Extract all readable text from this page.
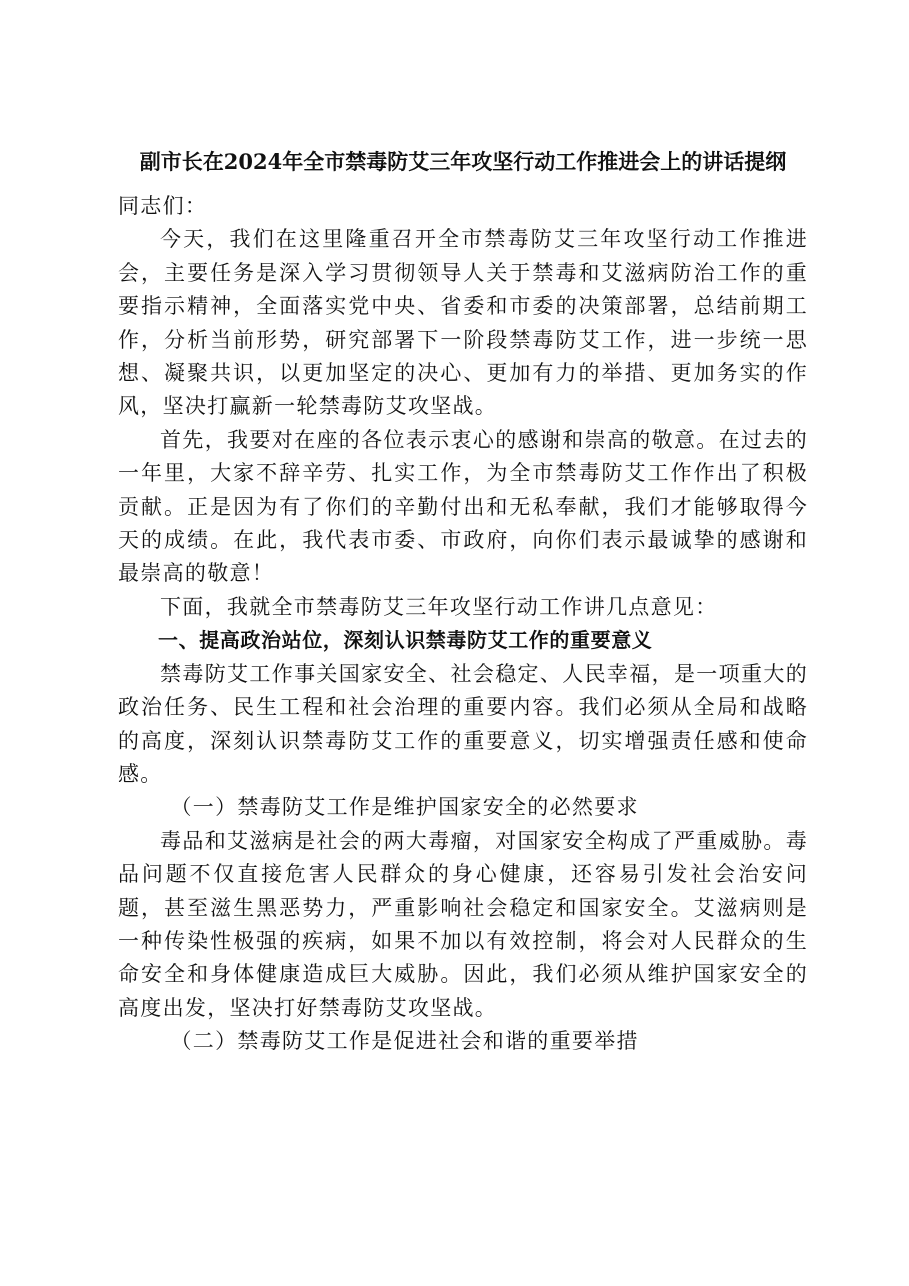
副市长在2024年全市禁毒防艾三年攻坚行动工作推进会上的讲话提纲

同志们：

今天，我们在这里隆重召开全市禁毒防艾三年攻坚行动工作推进会，主要任务是深入学习贯彻领导人关于禁毒和艾滋病防治工作的重要指示精神，全面落实党中央、省委和市委的决策部署，总结前期工作，分析当前形势，研究部署下一阶段禁毒防艾工作，进一步统一思想、凝聚共识，以更加坚定的决心、更加有力的举措、更加务实的作风，坚决打赢新一轮禁毒防艾攻坚战。

首先，我要对在座的各位表示衷心的感谢和崇高的敬意。在过去的一年里，大家不辞辛劳、扎实工作，为全市禁毒防艾工作作出了积极贡献。正是因为有了你们的辛勤付出和无私奉献，我们才能够取得今天的成绩。在此，我代表市委、市政府，向你们表示最诚挚的感谢和最崇高的敬意！

下面，我就全市禁毒防艾三年攻坚行动工作讲几点意见：

一、提高政治站位，深刻认识禁毒防艾工作的重要意义

禁毒防艾工作事关国家安全、社会稳定、人民幸福，是一项重大的政治任务、民生工程和社会治理的重要内容。我们必须从全局和战略的高度，深刻认识禁毒防艾工作的重要意义，切实增强责任感和使命感。

（一）禁毒防艾工作是维护国家安全的必然要求

毒品和艾滋病是社会的两大毒瘤，对国家安全构成了严重威胁。毒品问题不仅直接危害人民群众的身心健康，还容易引发社会治安问题，甚至滋生黑恶势力，严重影响社会稳定和国家安全。艾滋病则是一种传染性极强的疾病，如果不加以有效控制，将会对人民群众的生命安全和身体健康造成巨大威胁。因此，我们必须从维护国家安全的高度出发，坚决打好禁毒防艾攻坚战。

（二）禁毒防艾工作是促进社会和谐的重要举措
